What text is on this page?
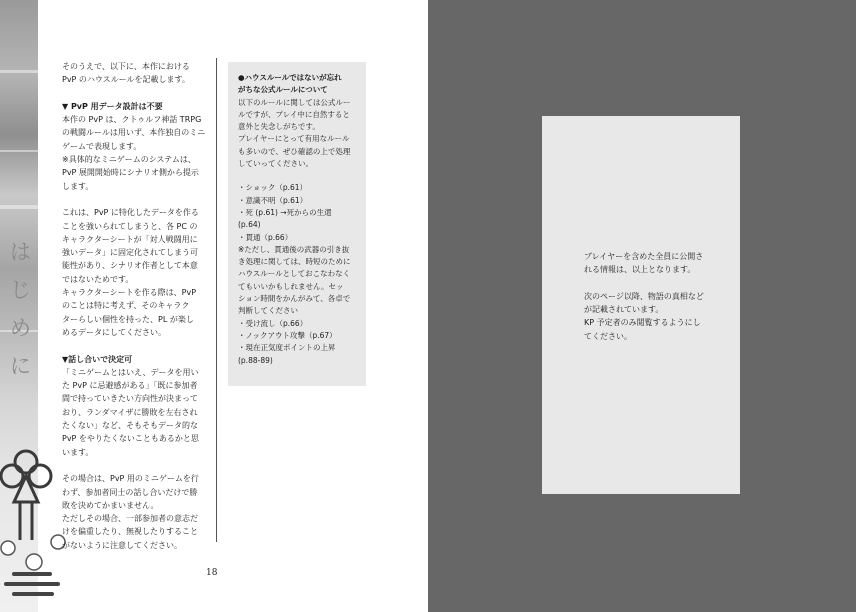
はじめに
そのうえで、以下に、本作における
PvP のハウスルールを記載します。
▼ PvP 用データ設計は不要
本作の PvP は、クトゥルフ神話 TRPG
の戦闘ルールは用いず、本作独自のミニ
ゲームで表現します。
※具体的なミニゲームのシステムは、
PvP 展開開始時にシナリオ側から提示
します。
これは、PvP に特化したデータを作る
ことを強いられてしまうと、各 PC の
キャラクターシートが「対人戦闘用に
強いデータ」に固定化されてしまう可
能性があり、シナリオ作者として本意
ではないためです。
キャラクターシートを作る際は、PvP
のことは特に考えず、そのキャラク
ターらしい個性を持った、PL が楽し
めるデータにしてください。
▼話し合いで決定可
「ミニゲームとはいえ、データを用い
た PvP に忌避感がある」「既に参加者
間で持っていきたい方向性が決まって
おり、ランダマイザに勝敗を左右され
たくない」など、そもそもデータ的な
PvP をやりたくないこともあるかと思
います。
その場合は、PvP 用のミニゲームを行
わず、参加者同士の話し合いだけで勝
敗を決めてかまいません。
ただしその場合、一部参加者の意志だ
けを偏重したり、無視したりすること
がないように注意してください。
●ハウスルールではないが忘れ
がちな公式ルールについて
以下のルールに関しては公式ルー
ルですが、プレイ中に自然すると
意外と失念しがちです。
プレイヤーにとって有用なルール
も多いので、ぜひ確認の上で処理
していってください。
・ショック（p.61）
・意識不明（p.61）
・死 (p.61) →死からの生還 (p.64)
・貫通（p.66）
※ただし、貫通後の武器の引き抜
き処理に関しては、時短のために
ハウスルールとしておこなわなく
てもいいかもしれません。セッ
ション時間をかんがみて、各卓で
判断してください
・受け流し（p.66）
・ノックアウト攻撃（p.67）
・現在正気度ポイントの上昇
(p.88-89)
18
プレイヤーを含めた全員に公開さ
れる情報は、以上となります。
次のページ以降、物語の真相など
が記載されています。
KP 予定者のみ閲覧するようにし
てください。
